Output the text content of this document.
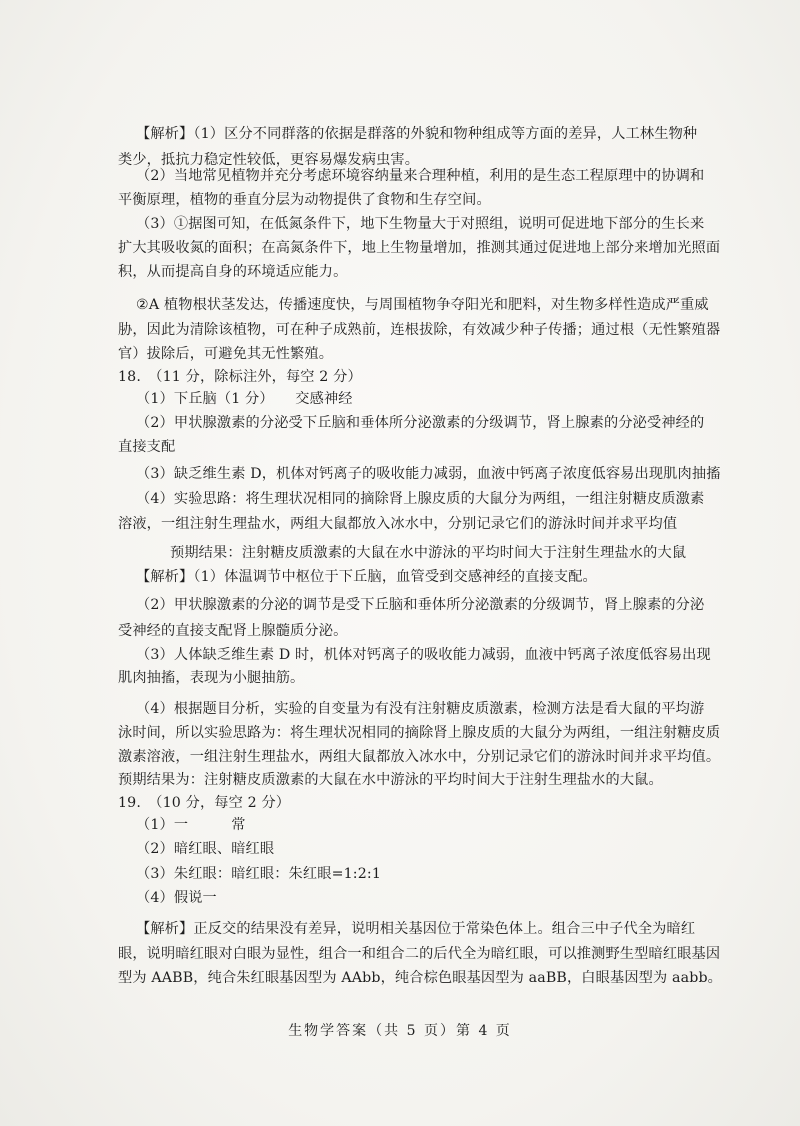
【解析】（1）区分不同群落的依据是群落的外貌和物种组成等方面的差异，人工林生物种
类少，抵抗力稳定性较低，更容易爆发病虫害。
（2）当地常见植物并充分考虑环境容纳量来合理种植，利用的是生态工程原理中的协调和
平衡原理，植物的垂直分层为动物提供了食物和生存空间。
（3）①据图可知，在低氮条件下，地下生物量大于对照组，说明可促进地下部分的生长来
扩大其吸收氮的面积；在高氮条件下，地上生物量增加，推测其通过促进地上部分来增加光照面
积，从而提高自身的环境适应能力。
②A 植物根状茎发达，传播速度快，与周围植物争夺阳光和肥料，对生物多样性造成严重威
胁，因此为清除该植物，可在种子成熟前，连根拔除，有效减少种子传播；通过根（无性繁殖器
官）拔除后，可避免其无性繁殖。
18.　（11 分，除标注外，每空 2 分）
（1）下丘脑（1 分）　　交感神经
（2）甲状腺激素的分泌受下丘脑和垂体所分泌激素的分级调节，肾上腺素的分泌受神经的
直接支配
（3）缺乏维生素 D，机体对钙离子的吸收能力减弱，血液中钙离子浓度低容易出现肌肉抽搐
（4）实验思路：将生理状况相同的摘除肾上腺皮质的大鼠分为两组，一组注射糖皮质激素
溶液，一组注射生理盐水，两组大鼠都放入冰水中，分别记录它们的游泳时间并求平均值
预期结果：注射糖皮质激素的大鼠在水中游泳的平均时间大于注射生理盐水的大鼠
【解析】（1）体温调节中枢位于下丘脑，血管受到交感神经的直接支配。
（2）甲状腺激素的分泌的调节是受下丘脑和垂体所分泌激素的分级调节，肾上腺素的分泌
受神经的直接支配肾上腺髓质分泌。
（3）人体缺乏维生素 D 时，机体对钙离子的吸收能力减弱，血液中钙离子浓度低容易出现
肌肉抽搐，表现为小腿抽筋。
（4）根据题目分析，实验的自变量为有没有注射糖皮质激素，检测方法是看大鼠的平均游
泳时间，所以实验思路为：将生理状况相同的摘除肾上腺皮质的大鼠分为两组，一组注射糖皮质
激素溶液，一组注射生理盐水，两组大鼠都放入冰水中，分别记录它们的游泳时间并求平均值。
预期结果为：注射糖皮质激素的大鼠在水中游泳的平均时间大于注射生理盐水的大鼠。
19.　（10 分，每空 2 分）
（1）一　　　常
（2）暗红眼、暗红眼
（3）朱红眼：暗红眼：朱红眼=1:2:1
（4）假说一
【解析】正反交的结果没有差异，说明相关基因位于常染色体上。组合三中子代全为暗红
眼，说明暗红眼对白眼为显性，组合一和组合二的后代全为暗红眼，可以推测野生型暗红眼基因
型为 AABB，纯合朱红眼基因型为 AAbb，纯合棕色眼基因型为 aaBB，白眼基因型为 aabb。
生物学答案（共 5 页）第 4 页
